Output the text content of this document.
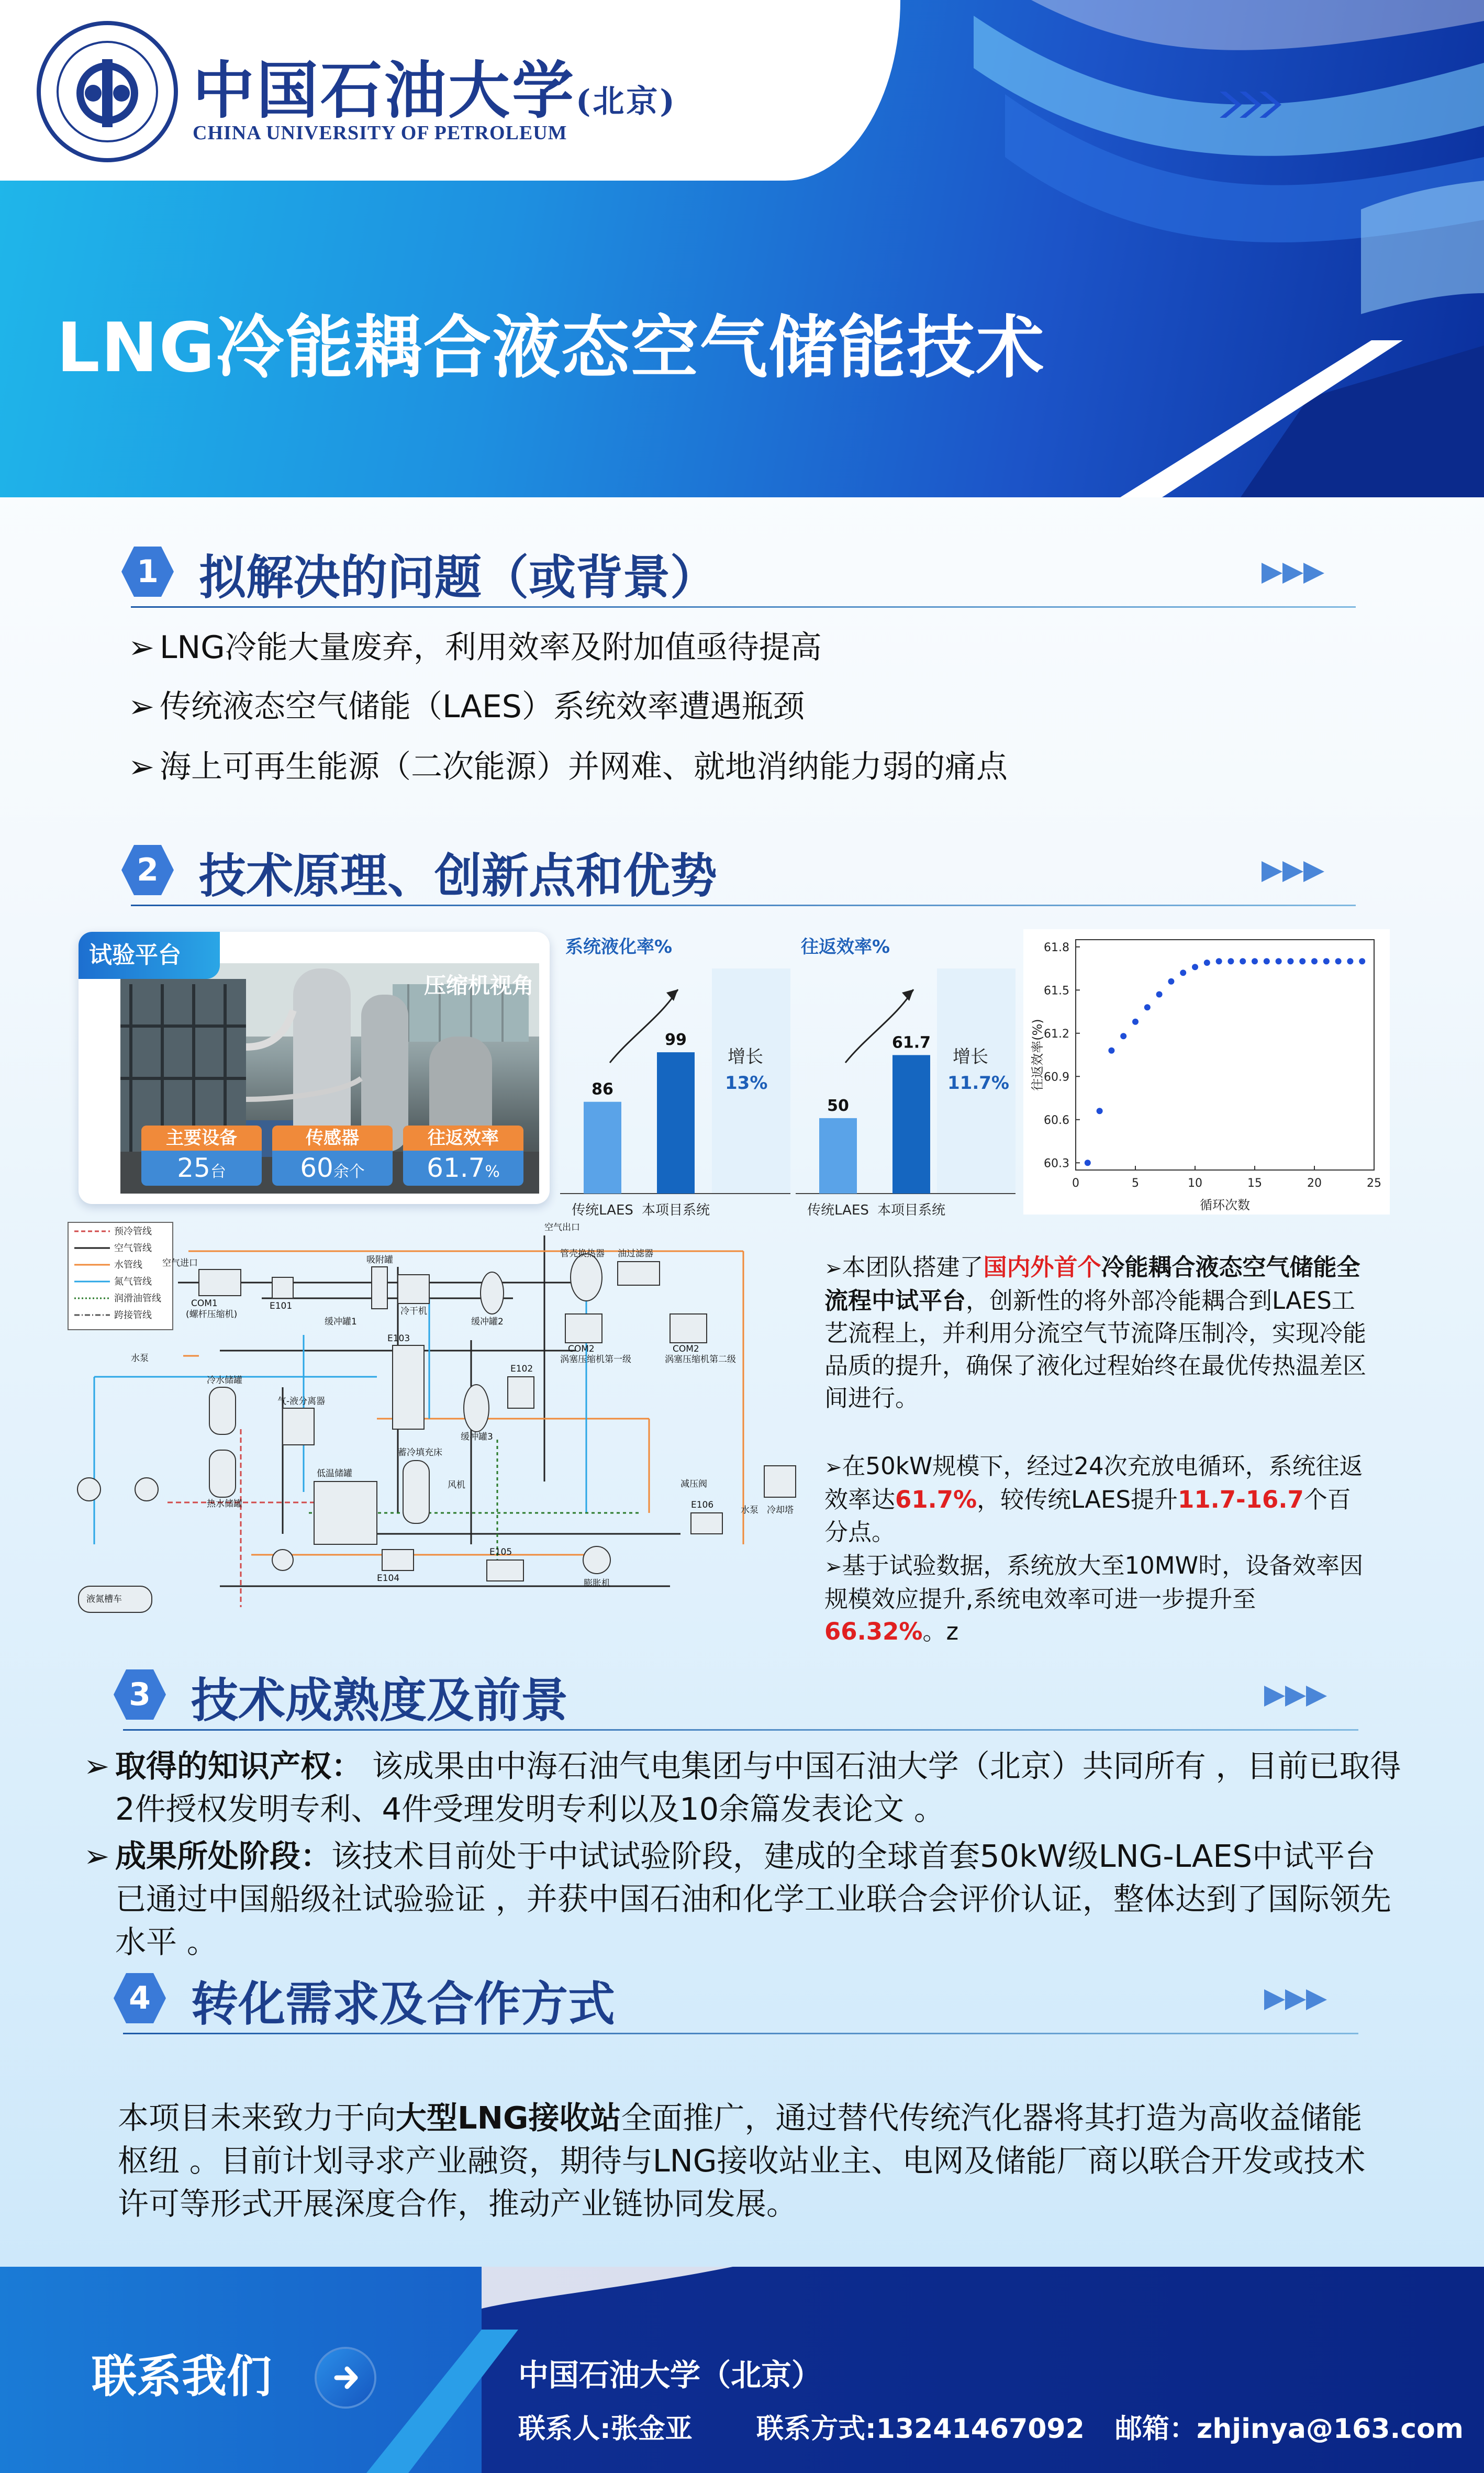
中国石油大学(北京)
CHINA UNIVERSITY OF PETROLEUM
LNG冷能耦合液态空气储能技术
1 拟解决的问题（或背景）
➢ LNG冷能大量废弃，利用效率及附加值亟待提高
➢ 传统液态空气储能（LAES）系统效率遭遇瓶颈
➢ 海上可再生能源（二次能源）并网难、就地消纳能力弱的痛点
2 技术原理、创新点和优势
试验平台
压缩机视角
主要设备
25台
传感器
60余个
往返效率
61.7%
系统液化率%
增长
13%
86
传统LAES
99
本项目系统
往返效率%
增长
11.7%
50
传统LAES
61.7
本项目系统
60.3
60.6
60.9
61.2
61.5
61.8
0	5	10	15	20	25
循环次数
往返效率(%)
预冷管线
空气管线
水管线
氮气管线
润滑油管线
跨接管线
空气进口
空气出口
COM1
(螺杆压缩机)
E101
缓冲罐1
吸附罐
冷干机
缓冲罐2
E103
E102
缓冲罐3
管壳换热器 油过滤器
COM2
涡塞压缩机第一级
COM2
涡塞压缩机第二级
冷水储罐
热水储罐
气-液分离器
低温储罐
蓄冷填充床
风机	减压阀
膨胀机
E104
E105
E106	水泵 冷却塔
液氮槽车
水泵
➢本团队搭建了国内外首个冷能耦合液态空气储能全流程中试平台，创新性的将外部冷能耦合到LAES工艺流程上，并利用分流空气节流降压制冷，实现冷能品质的提升，确保了液化过程始终在最优传热温差区间进行。
➢在50kW规模下，经过24次充放电循环，系统往返效率达61.7%，较传统LAES提升11.7-16.7个百分点。
➢基于试验数据，系统放大至10MW时，设备效率因规模效应提升,系统电效率可进一步提升至66.32%。z
3 技术成熟度及前景
➢ 取得的知识产权： 该成果由中海石油气电集团与中国石油大学（北京）共同所有 ，目前已取得2件授权发明专利、4件受理发明专利以及10余篇发表论文 。
➢ 成果所处阶段：该技术目前处于中试试验阶段，建成的全球首套50kW级LNG-LAES中试平台已通过中国船级社试验验证 ，并获中国石油和化学工业联合会评价认证，整体达到了国际领先水平 。
4 转化需求及合作方式
本项目未来致力于向大型LNG接收站全面推广，通过替代传统汽化器将其打造为高收益储能枢纽 。目前计划寻求产业融资，期待与LNG接收站业主、电网及储能厂商以联合开发或技术许可等形式开展深度合作，推动产业链协同发展。
联系我们	中国石油大学（北京）
联系人:张金亚 联系方式:13241467092 邮箱：zhjinya@163.com
